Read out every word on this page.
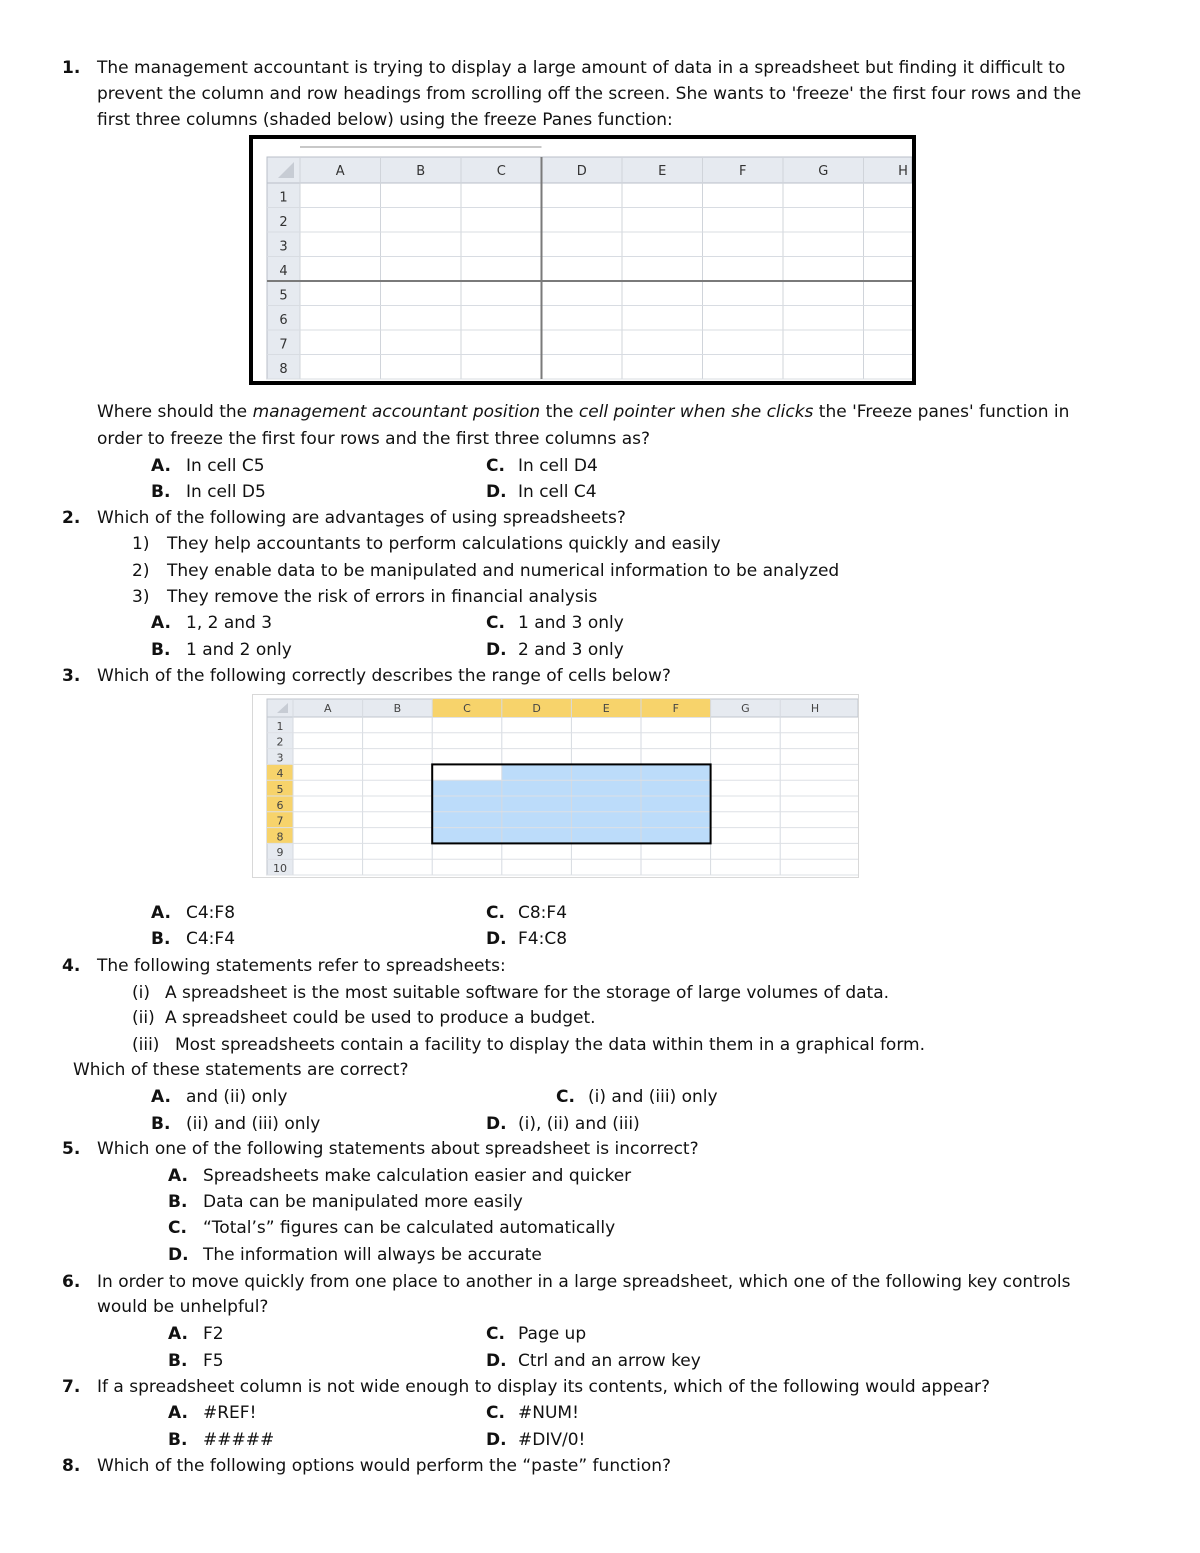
1. The management accountant is trying to display a large amount of data in a spreadsheet but finding it difficult to
prevent the column and row headings from scrolling off the screen. She wants to 'freeze' the first four rows and the
first three columns (shaded below) using the freeze Panes function:
A	B	C	D	E	F	G	H
1
2
3
4
5
6
7
8
Where should the management accountant position the cell pointer when she clicks the 'Freeze panes' function in
order to freeze the first four rows and the first three columns as?
A. In cell C5	C. In cell D4
B. In cell D5	D. In cell C4
2. Which of the following are advantages of using spreadsheets?
1) They help accountants to perform calculations quickly and easily
2) They enable data to be manipulated and numerical information to be analyzed
3) They remove the risk of errors in financial analysis
A. 1, 2 and 3	C. 1 and 3 only
B. 1 and 2 only	D. 2 and 3 only
3. Which of the following correctly describes the range of cells below?
A	B	C	D	E	F	G	H
1
2
3
4
5
6
7
8
9
10
A. C4:F8	C. C8:F4
B. C4:F4	D. F4:C8
4. The following statements refer to spreadsheets:
(i) A spreadsheet is the most suitable software for the storage of large volumes of data.
(ii) A spreadsheet could be used to produce a budget.
(iii) Most spreadsheets contain a facility to display the data within them in a graphical form.
Which of these statements are correct?
A. and (ii) only	C. (i) and (iii) only
B. (ii) and (iii) only	D. (i), (ii) and (iii)
5. Which one of the following statements about spreadsheet is incorrect?
A. Spreadsheets make calculation easier and quicker
B. Data can be manipulated more easily
C. “Total’s” figures can be calculated automatically
D. The information will always be accurate
6. In order to move quickly from one place to another in a large spreadsheet, which one of the following key controls
would be unhelpful?
A. F2	C. Page up
B. F5	D. Ctrl and an arrow key
7. If a spreadsheet column is not wide enough to display its contents, which of the following would appear?
A. #REF!	C. #NUM!
B. #####	D. #DIV/0!
8. Which of the following options would perform the “paste” function?
